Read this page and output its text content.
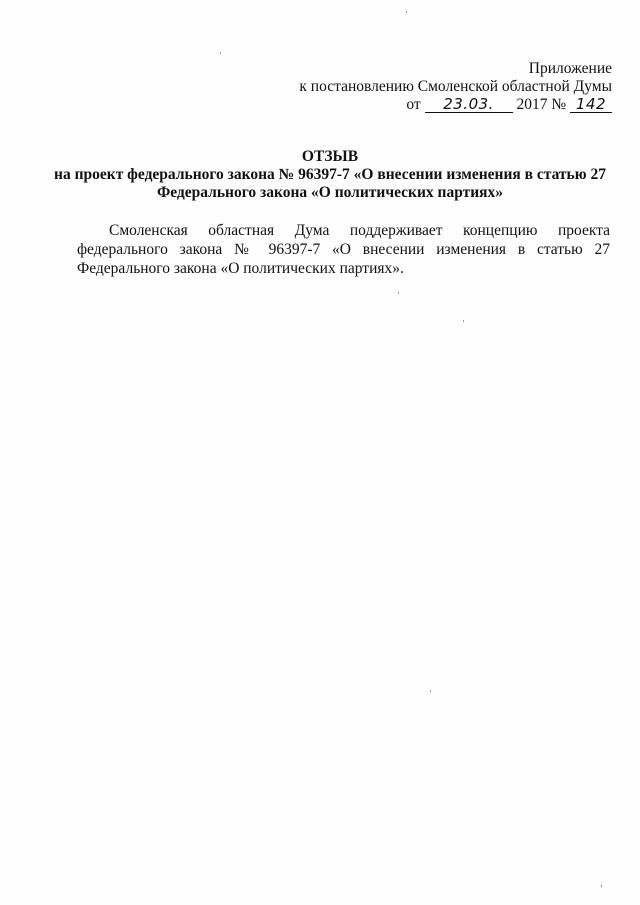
Приложение
к постановлению Смоленской областной Думы
от 23.03. 2017 № 142
ОТЗЫВ
на проект федерального закона № 96397-7 «О внесении изменения в статью 27
Федерального закона «О политических партиях»
Смоленская областная Дума поддерживает концепцию проекта федерального закона № 96397-7 «О внесении изменения в статью 27 Федерального закона «О политических партиях».
